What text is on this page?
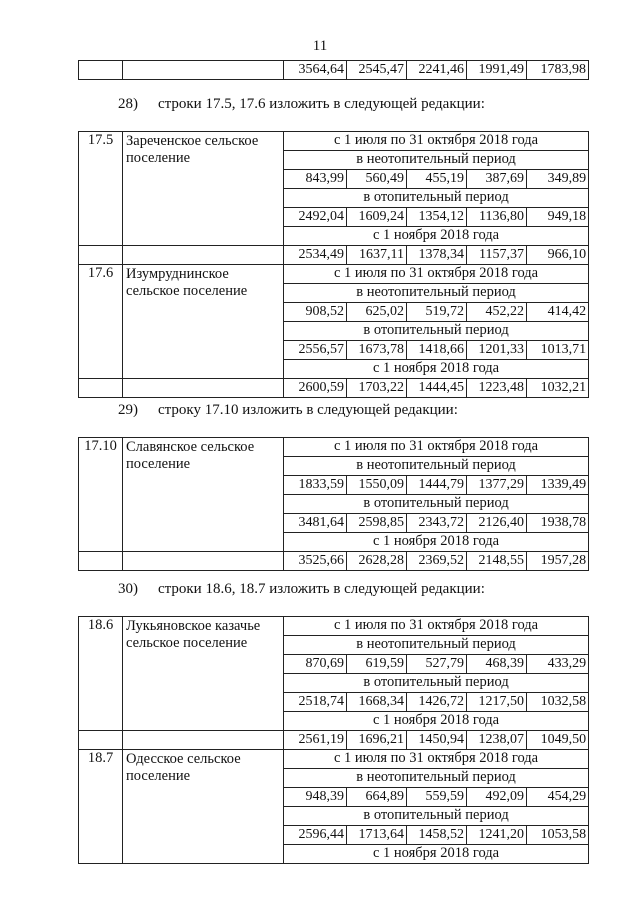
11
		3564,64	2545,47	2241,46	1991,49	1783,98
28) строки 17.5, 17.6 изложить в следующей редакции:
17.5	Зареченское сельское поселение	с 1 июля по 31 октября 2018 года				
		в неотопительный период				
		843,99	560,49	455,19	387,69	349,89
		в отопительный период				
		2492,04	1609,24	1354,12	1136,80	949,18
		с 1 ноября 2018 года				
		2534,49	1637,11	1378,34	1157,37	966,10
17.6	Изумруднинское сельское поселение	с 1 июля по 31 октября 2018 года				
		в неотопительный период				
		908,52	625,02	519,72	452,22	414,42
		в отопительный период				
		2556,57	1673,78	1418,66	1201,33	1013,71
		с 1 ноября 2018 года				
		2600,59	1703,22	1444,45	1223,48	1032,21
29) строку 17.10 изложить в следующей редакции:
17.10	Славянское сельское поселение	с 1 июля по 31 октября 2018 года				
		в неотопительный период				
		1833,59	1550,09	1444,79	1377,29	1339,49
		в отопительный период				
		3481,64	2598,85	2343,72	2126,40	1938,78
		с 1 ноября 2018 года				
		3525,66	2628,28	2369,52	2148,55	1957,28
30) строки 18.6, 18.7 изложить в следующей редакции:
18.6	Лукьяновское казачье сельское поселение	с 1 июля по 31 октября 2018 года				
		в неотопительный период				
		870,69	619,59	527,79	468,39	433,29
		в отопительный период				
		2518,74	1668,34	1426,72	1217,50	1032,58
		с 1 ноября 2018 года				
		2561,19	1696,21	1450,94	1238,07	1049,50
18.7	Одесское сельское поселение	с 1 июля по 31 октября 2018 года				
		в неотопительный период				
		948,39	664,89	559,59	492,09	454,29
		в отопительный период				
		2596,44	1713,64	1458,52	1241,20	1053,58
		с 1 ноября 2018 года				
